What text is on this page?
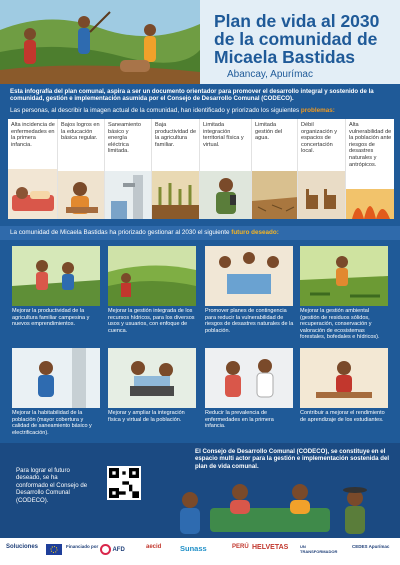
Plan de vida al 2030
de la comunidad de
Micaela Bastidas
Abancay, Apurímac
Esta infografía del plan comunal, aspira a ser un documento orientador para promover el desarrollo integral y sostenido de la comunidad, gestión e implementación asumida por el Consejo de Desarrollo Comunal (CODECO).
Las personas, al describir la imagen actual de la comunidad, han identificado y priorizado los siguientes problemas:
Alta incidencia de enfermedades en la primera infancia.
Bajos logros en la educación básica regular.
Saneamiento básico y energía eléctrica limitada.
Baja productividad de la agricultura familiar.
Limitada integración territorial física y virtual.
Limitada gestión del agua.
Débil organización y espacios de concertación local.
Alta vulnerabilidad de la población ante riesgos de desastres naturales y antrópicos.
La comunidad de Micaela Bastidas ha priorizado gestionar al 2030 el siguiente futuro deseado:
Mejorar la productividad de la agricultura familiar campesina y nuevos emprendimientos.
Mejorar la gestión integrada de los recursos hídricos, para los diversos usos y usuarios, con enfoque de cuenca.
Promover planes de contingencia para reducir la vulnerabilidad de riesgos de desastres naturales de la población.
Mejorar la gestión ambiental (gestión de residuos sólidos, recuperación, conservación y valoración de ecosistemas forestales, bofedales e hídricos).
Mejorar la habitabilidad de la población (mayor cobertura y calidad de saneamiento básico y electrificación).
Mejorar y ampliar la integración física y virtual de la población.
Reducir la prevalencia de enfermedades en la primera infancia.
Contribuir a mejorar el rendimiento de aprendizaje de los estudiantes.
Para lograr el futuro deseado, se ha conformado el Consejo de Desarrollo Comunal (CODECO).
El Consejo de Desarrollo Comunal (CODECO), se constituye en el espacio multi actor para la gestión e implementación sostenida del plan de vida comunal.
Soluciones	Financiado por
AFD
aecid Sunass	PERÚ HELVETAS	UN TRANSFORMADOR
CEDES Apurímac
